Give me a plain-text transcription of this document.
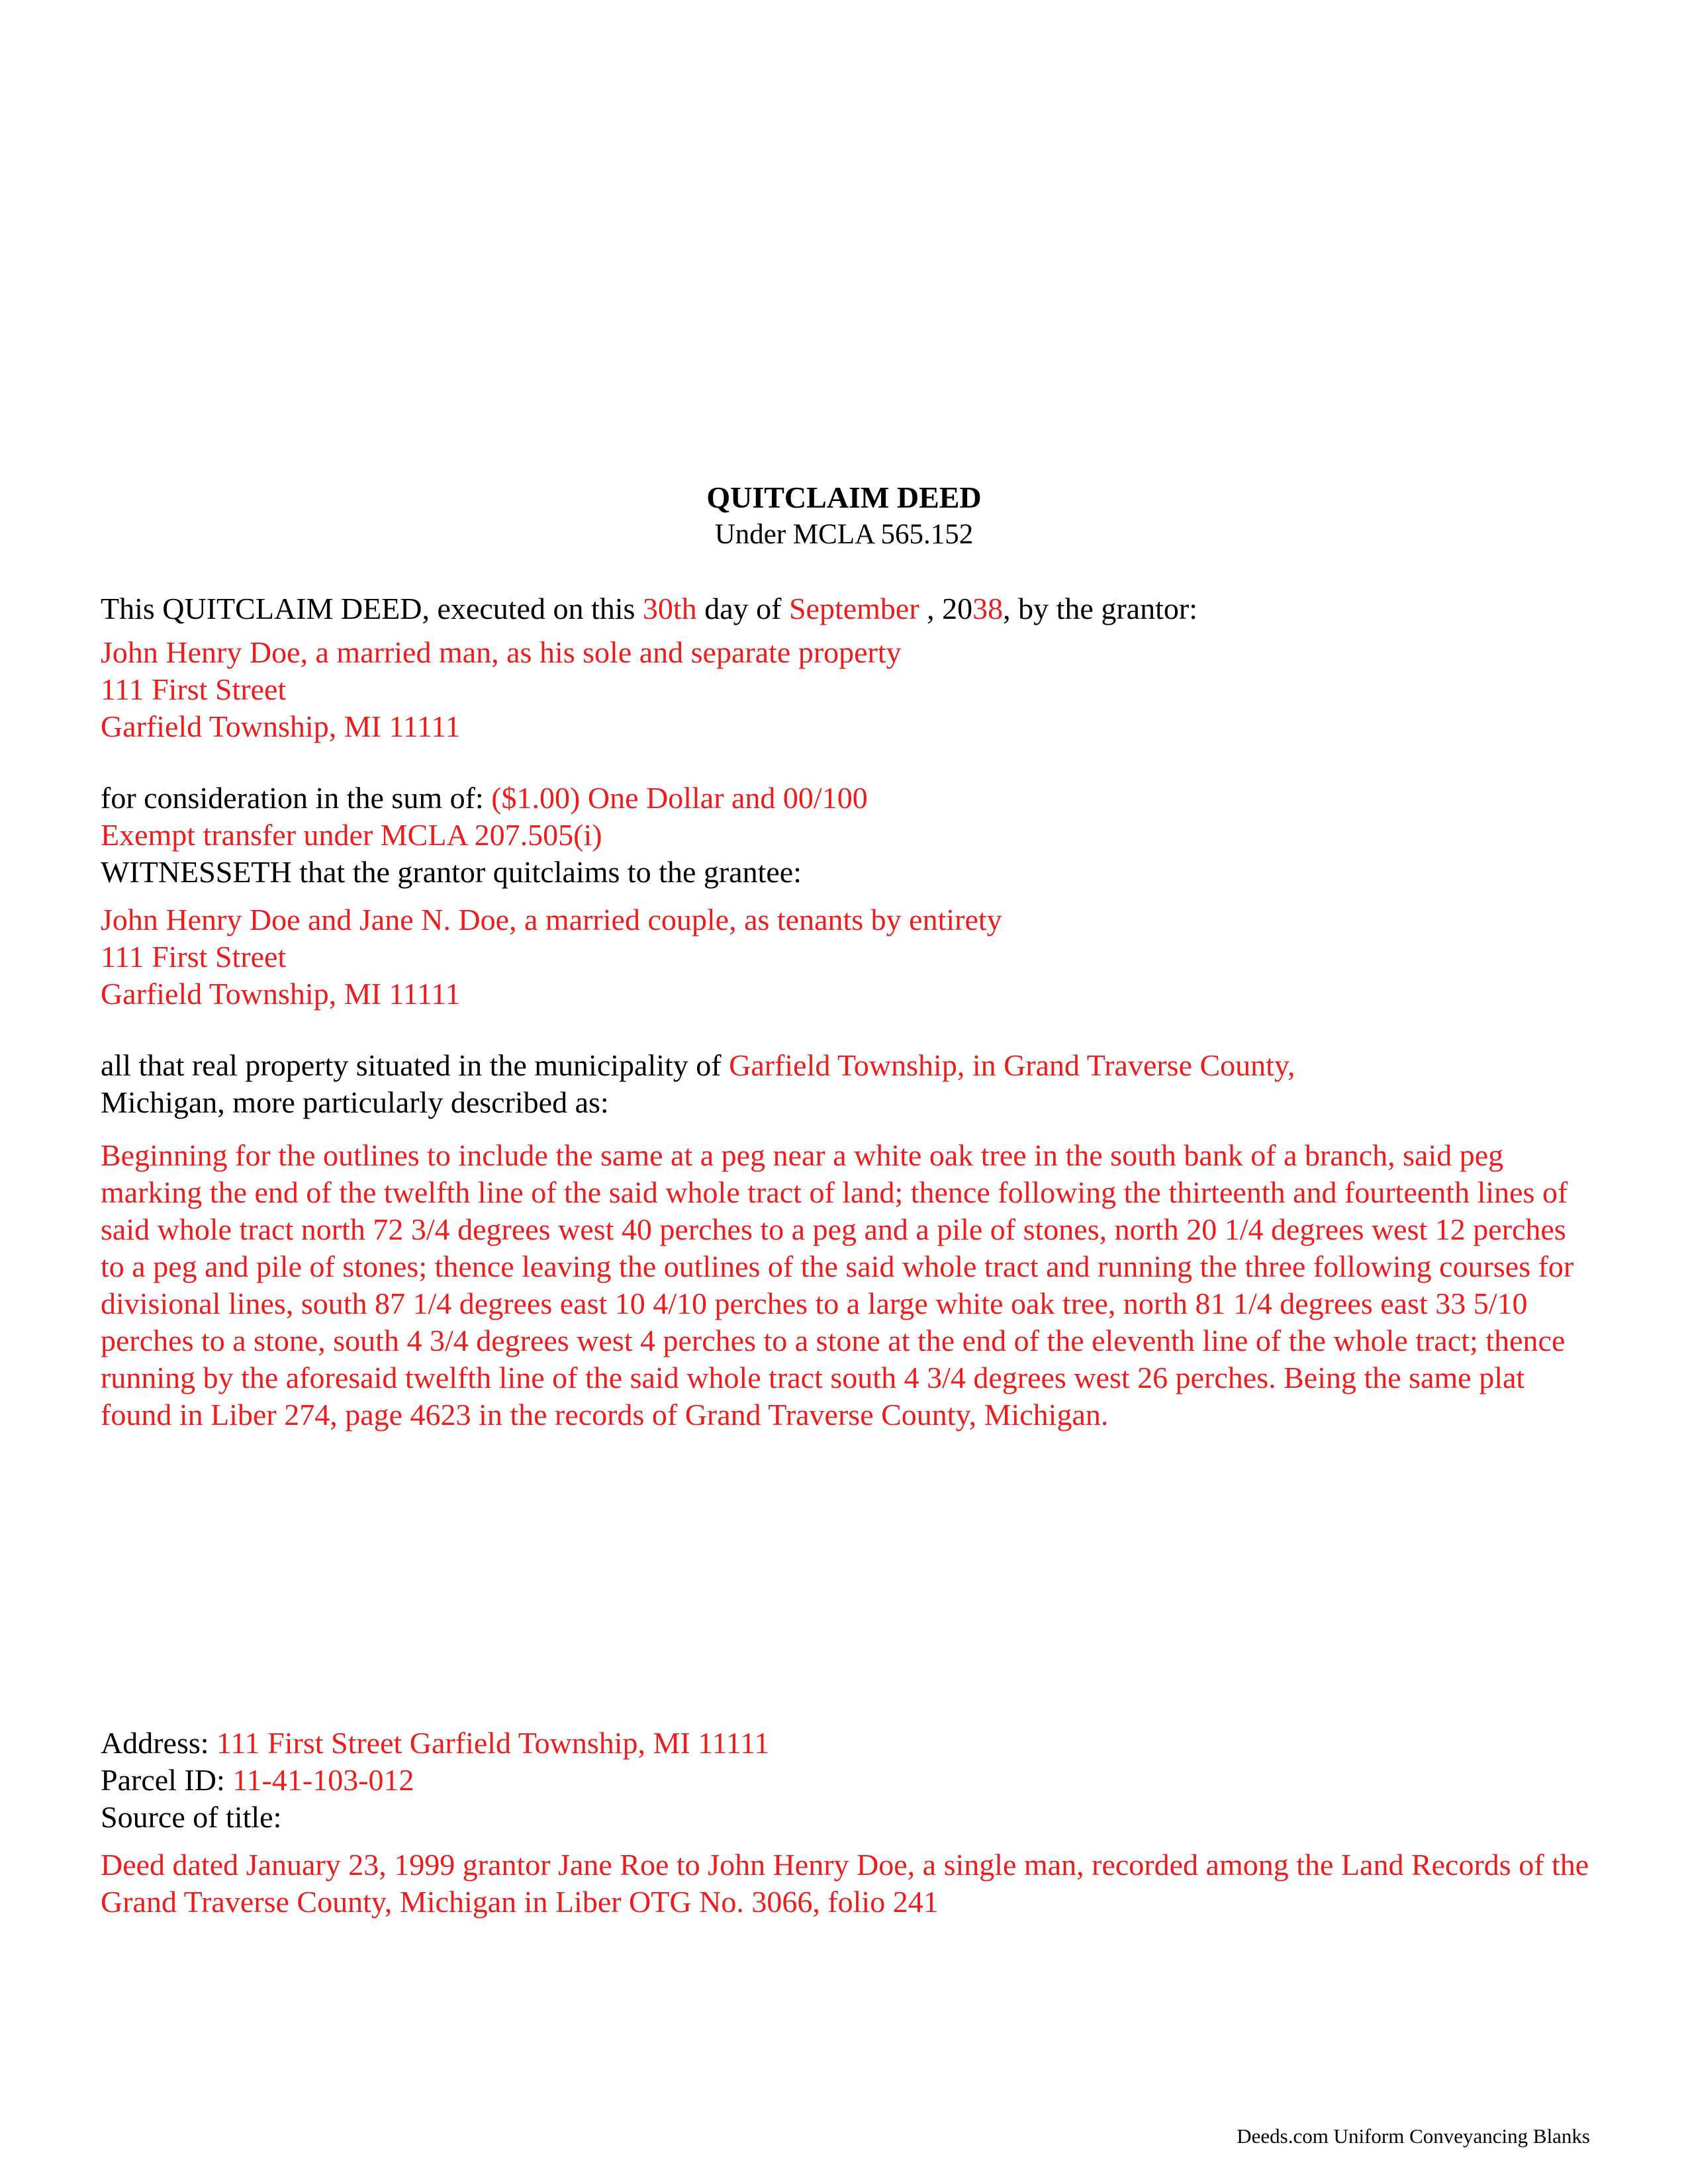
QUITCLAIM DEED
Under MCLA 565.152
This QUITCLAIM DEED, executed on this 30th day of September , 2038, by the grantor:
John Henry Doe, a married man, as his sole and separate property
111 First Street
Garfield Township, MI 11111
for consideration in the sum of: ($1.00) One Dollar and 00/100
Exempt transfer under MCLA 207.505(i)
WITNESSETH that the grantor quitclaims to the grantee:
John Henry Doe and Jane N. Doe, a married couple, as tenants by entirety
111 First Street
Garfield Township, MI 11111
all that real property situated in the municipality of Garfield Township, in Grand Traverse County,
Michigan, more particularly described as:
Beginning for the outlines to include the same at a peg near a white oak tree in the south bank of a branch, said peg marking the end of the twelfth line of the said whole tract of land; thence following the thirteenth and fourteenth lines of said whole tract north 72 3/4 degrees west 40 perches to a peg and a pile of stones, north 20 1/4 degrees west 12 perches to a peg and pile of stones; thence leaving the outlines of the said whole tract and running the three following courses for divisional lines, south 87 1/4 degrees east 10 4/10 perches to a large white oak tree, north 81 1/4 degrees east 33 5/10 perches to a stone, south 4 3/4 degrees west 4 perches to a stone at the end of the eleventh line of the whole tract; thence running by the aforesaid twelfth line of the said whole tract south 4 3/4 degrees west 26 perches. Being the same plat found in Liber 274, page 4623 in the records of Grand Traverse County, Michigan.
Address: 111 First Street Garfield Township, MI 11111
Parcel ID: 11-41-103-012
Source of title:
Deed dated January 23, 1999 grantor Jane Roe to John Henry Doe, a single man, recorded among the Land Records of the Grand Traverse County, Michigan in Liber OTG No. 3066, folio 241
Deeds.com Uniform Conveyancing Blanks
